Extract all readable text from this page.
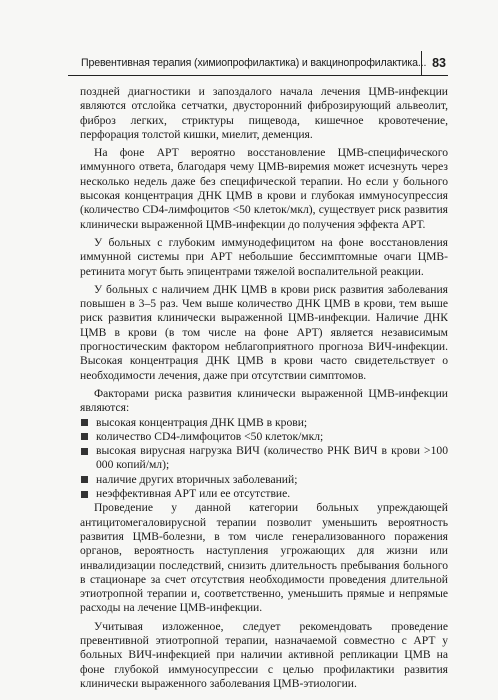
Превентивная терапия (химиопрофилактика) и вакцинопрофилактика... 83

поздней диагностики и запоздалого начала лечения ЦМВ-инфекции являются отслойка сетчатки, двусторонний фиброзирующий альвеолит, фиброз легких, стриктуры пищевода, кишечное кровотечение, перфорация толстой кишки, миелит, деменция.

На фоне АРТ вероятно восстановление ЦМВ-специфического иммунного ответа, благодаря чему ЦМВ-виремия может исчезнуть через несколько недель даже без специфической терапии. Но если у больного высокая концентрация ДНК ЦМВ в крови и глубокая иммуносупрессия (количество CD4-лимфоцитов <50 клеток/мкл), существует риск развития клинически выраженной ЦМВ-инфекции до получения эффекта АРТ.

У больных с глубоким иммунодефицитом на фоне восстановления иммунной системы при АРТ небольшие бессимптомные очаги ЦМВ-ретинита могут быть эпицентрами тяжелой воспалительной реакции.

У больных с наличием ДНК ЦМВ в крови риск развития заболевания повышен в 3–5 раз. Чем выше количество ДНК ЦМВ в крови, тем выше риск развития клинически выраженной ЦМВ-инфекции. Наличие ДНК ЦМВ в крови (в том числе на фоне АРТ) является независимым прогностическим фактором неблагоприятного прогноза ВИЧ-инфекции. Высокая концентрация ДНК ЦМВ в крови часто свидетельствует о необходимости лечения, даже при отсутствии симптомов.

Факторами риска развития клинически выраженной ЦМВ-инфекции являются:

высокая концентрация ДНК ЦМВ в крови;
количество CD4-лимфоцитов <50 клеток/мкл;
высокая вирусная нагрузка ВИЧ (количество РНК ВИЧ в крови >100 000 копий/мл);
наличие других вторичных заболеваний;
неэффективная АРТ или ее отсутствие.

Проведение у данной категории больных упреждающей антицитомегаловирусной терапии позволит уменьшить вероятность развития ЦМВ-болезни, в том числе генерализованного поражения органов, вероятность наступления угрожающих для жизни или инвалидизации последствий, снизить длительность пребывания больного в стационаре за счет отсутствия необходимости проведения длительной этиотропной терапии и, соответственно, уменьшить прямые и непрямые расходы на лечение ЦМВ-инфекции.

Учитывая изложенное, следует рекомендовать проведение превентивной этиотропной терапии, назначаемой совместно с АРТ у больных ВИЧ-инфекцией при наличии активной репликации ЦМВ на фоне глубокой иммуносупрессии с целью профилактики развития клинически выраженного заболевания ЦМВ-этиологии.
